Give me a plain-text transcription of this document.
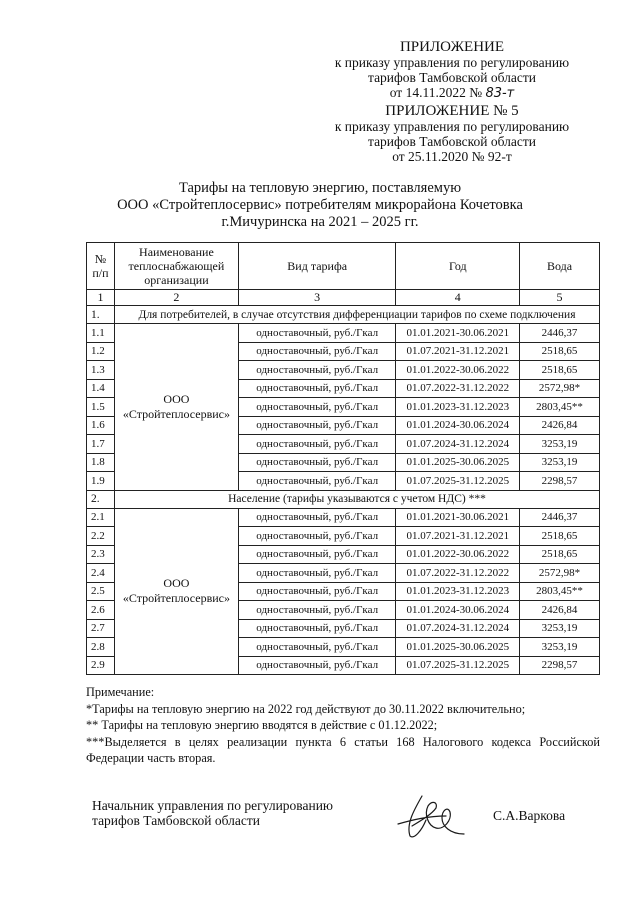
ПРИЛОЖЕНИЕ
к приказу управления по регулированию
тарифов Тамбовской области
от 14.11.2022 № 83-т
ПРИЛОЖЕНИЕ № 5
к приказу управления по регулированию
тарифов Тамбовской области
от 25.11.2020 № 92-т
Тарифы на тепловую энергию, поставляемую
ООО «Стройтеплосервис» потребителям микрорайона Кочетовка
г.Мичуринска на 2021 – 2025 гг.
№
п/п	Наименование теплоснабжающей организации	Вид тарифа	Год	Вода
1	2	3	4	5
1.	Для потребителей, в случае отсутствия дифференциации тарифов по схеме подключения			
1.1	ООО «Стройтеплосервис»	одноставочный, руб./Гкал	01.01.2021-30.06.2021	2446,37
1.2		одноставочный, руб./Гкал	01.07.2021-31.12.2021	2518,65
1.3		одноставочный, руб./Гкал	01.01.2022-30.06.2022	2518,65
1.4		одноставочный, руб./Гкал	01.07.2022-31.12.2022	2572,98*
1.5		одноставочный, руб./Гкал	01.01.2023-31.12.2023	2803,45**
1.6		одноставочный, руб./Гкал	01.01.2024-30.06.2024	2426,84
1.7		одноставочный, руб./Гкал	01.07.2024-31.12.2024	3253,19
1.8		одноставочный, руб./Гкал	01.01.2025-30.06.2025	3253,19
1.9		одноставочный, руб./Гкал	01.07.2025-31.12.2025	2298,57
2.	Население (тарифы указываются с учетом НДС) ***			
2.1	ООО «Стройтеплосервис»	одноставочный, руб./Гкал	01.01.2021-30.06.2021	2446,37
2.2		одноставочный, руб./Гкал	01.07.2021-31.12.2021	2518,65
2.3		одноставочный, руб./Гкал	01.01.2022-30.06.2022	2518,65
2.4		одноставочный, руб./Гкал	01.07.2022-31.12.2022	2572,98*
2.5		одноставочный, руб./Гкал	01.01.2023-31.12.2023	2803,45**
2.6		одноставочный, руб./Гкал	01.01.2024-30.06.2024	2426,84
2.7		одноставочный, руб./Гкал	01.07.2024-31.12.2024	3253,19
2.8		одноставочный, руб./Гкал	01.01.2025-30.06.2025	3253,19
2.9		одноставочный, руб./Гкал	01.07.2025-31.12.2025	2298,57
Примечание:
*Тарифы на тепловую энергию на 2022 год действуют до 30.11.2022 включительно;
** Тарифы на тепловую энергию вводятся в действие с 01.12.2022;
***Выделяется в целях реализации пункта 6 статьи 168 Налогового кодекса Российской Федерации часть вторая.
Начальник управления по регулированию
тарифов Тамбовской области	С.А.Варкова
